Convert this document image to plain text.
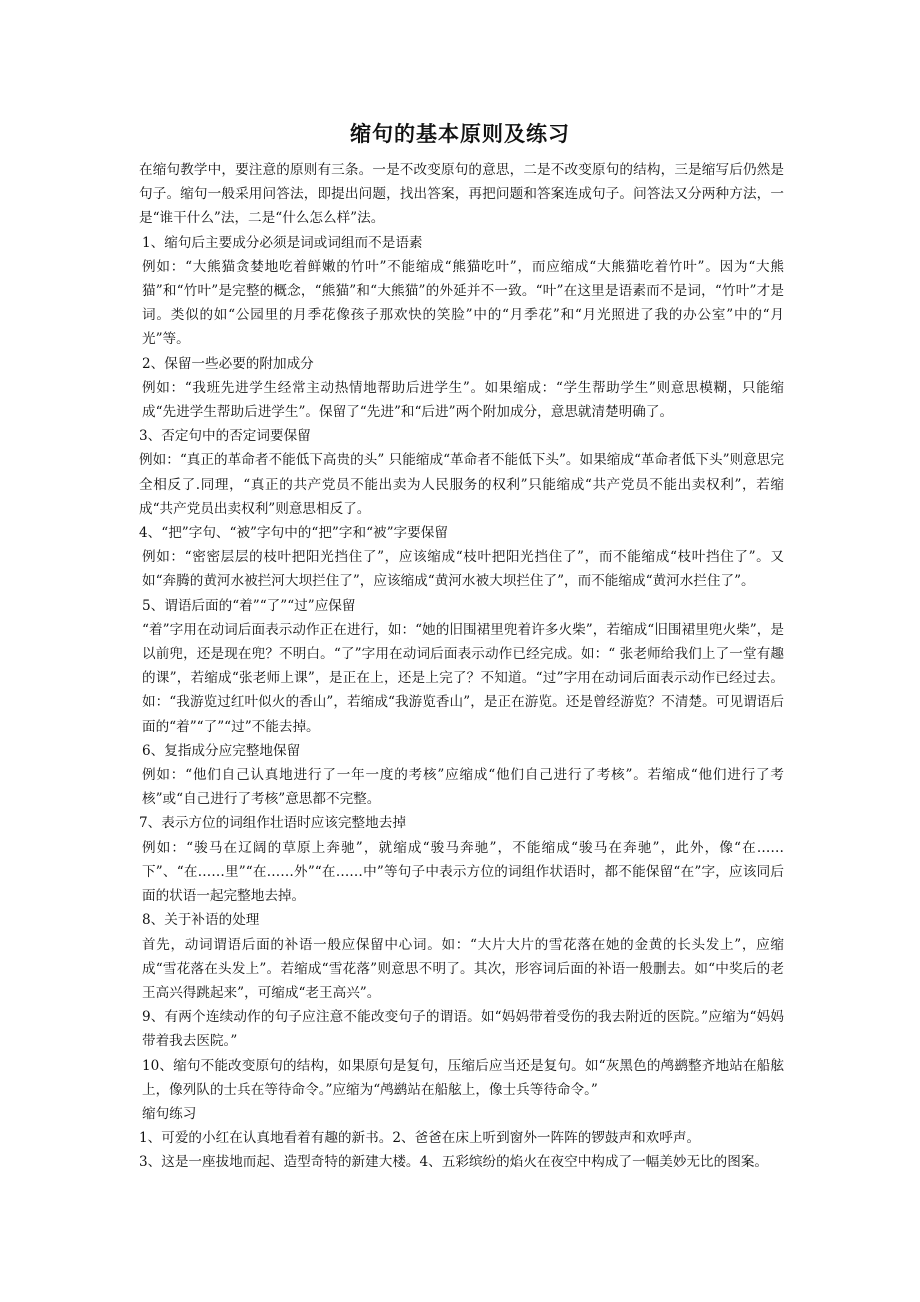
缩句的基本原则及练习

在缩句教学中，要注意的原则有三条。一是不改变原句的意思，二是不改变原句的结构，三是缩写后仍然是句子。缩句一般采用问答法，即提出问题，找出答案，再把问题和答案连成句子。问答法又分两种方法，一是“谁干什么”法，二是“什么怎么样”法。

1、缩句后主要成分必须是词或词组而不是语素

例如：“大熊猫贪婪地吃着鲜嫩的竹叶”不能缩成“熊猫吃叶”，而应缩成“大熊猫吃着竹叶”。因为“大熊猫”和“竹叶”是完整的概念，“熊猫”和“大熊猫”的外延并不一致。“叶”在这里是语素而不是词，“竹叶”才是词。类似的如“公园里的月季花像孩子那欢快的笑脸”中的“月季花”和“月光照进了我的办公室”中的“月光”等。

2、保留一些必要的附加成分

例如：“我班先进学生经常主动热情地帮助后进学生”。如果缩成：“学生帮助学生”则意思模糊，只能缩成“先进学生帮助后进学生”。保留了“先进”和“后进”两个附加成分，意思就清楚明确了。

3、否定句中的否定词要保留

例如：“真正的革命者不能低下高贵的头” 只能缩成“革命者不能低下头”。如果缩成“革命者低下头”则意思完全相反了.同理，“真正的共产党员不能出卖为人民服务的权利”只能缩成“共产党员不能出卖权利”，若缩成“共产党员出卖权利”则意思相反了。

4、“把”字句、“被”字句中的“把”字和“被”字要保留

例如：“密密层层的枝叶把阳光挡住了”，应该缩成“枝叶把阳光挡住了”，而不能缩成“枝叶挡住了”。又如“奔腾的黄河水被拦河大坝拦住了”，应该缩成“黄河水被大坝拦住了”，而不能缩成“黄河水拦住了”。

5、谓语后面的“着”“了”“过”应保留

“着”字用在动词后面表示动作正在进行，如：“她的旧围裙里兜着许多火柴”，若缩成“旧围裙里兜火柴”，是以前兜，还是现在兜？不明白。“了”字用在动词后面表示动作已经完成。如：“ 张老师给我们上了一堂有趣的课”，若缩成“张老师上课”，是正在上，还是上完了？不知道。“过”字用在动词后面表示动作已经过去。如：“我游览过红叶似火的香山”，若缩成“我游览香山”，是正在游览。还是曾经游览？不清楚。可见谓语后面的“着”“了”“过”不能去掉。

6、复指成分应完整地保留

例如：“他们自己认真地进行了一年一度的考核”应缩成“他们自己进行了考核”。若缩成“他们进行了考核”或“自己进行了考核”意思都不完整。

7、表示方位的词组作壮语时应该完整地去掉

例如：“骏马在辽阔的草原上奔驰”，就缩成“骏马奔驰”，不能缩成“骏马在奔驰”，此外，像“在……下”、“在……里”“在……外”“在……中”等句子中表示方位的词组作状语时，都不能保留“在”字，应该同后面的状语一起完整地去掉。

8、关于补语的处理

首先，动词谓语后面的补语一般应保留中心词。如：“大片大片的雪花落在她的金黄的长头发上”，应缩成“雪花落在头发上”。若缩成“雪花落”则意思不明了。其次，形容词后面的补语一般删去。如“中奖后的老王高兴得跳起来”，可缩成“老王高兴”。

9、有两个连续动作的句子应注意不能改变句子的谓语。如“妈妈带着受伤的我去附近的医院。”应缩为“妈妈带着我去医院。”

10、缩句不能改变原句的结构，如果原句是复句，压缩后应当还是复句。如“灰黑色的鸬鹚整齐地站在船舷上，像列队的士兵在等待命令。”应缩为“鸬鹚站在船舷上，像士兵等待命令。”

缩句练习

1、可爱的小红在认真地看着有趣的新书。2、爸爸在床上听到窗外一阵阵的锣鼓声和欢呼声。

3、这是一座拔地而起、造型奇特的新建大楼。4、五彩缤纷的焰火在夜空中构成了一幅美妙无比的图案。
